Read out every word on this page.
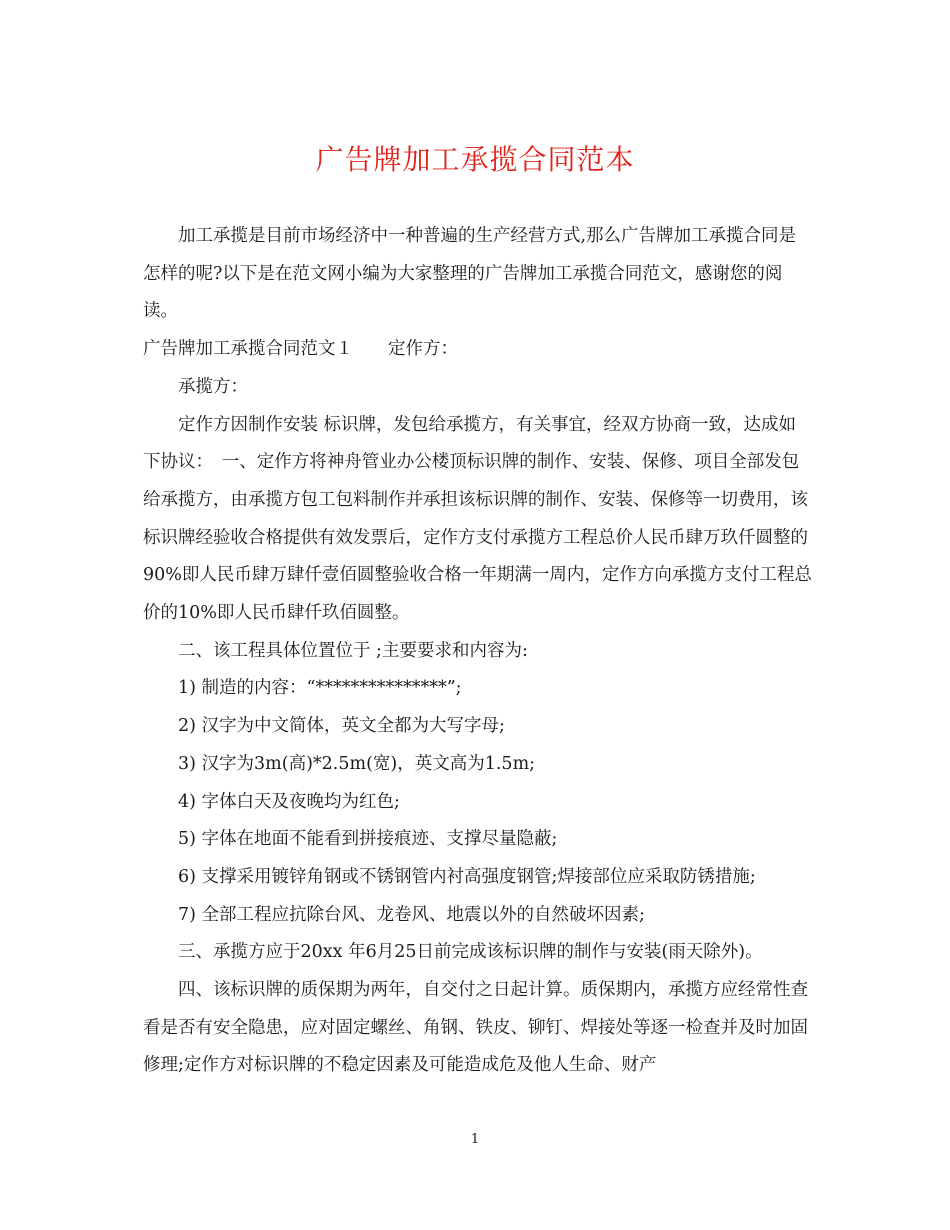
广告牌加工承揽合同范本

加工承揽是目前市场经济中一种普遍的生产经营方式,那么广告牌加工承揽合同是怎样的呢?以下是在范文网小编为大家整理的广告牌加工承揽合同范文，感谢您的阅读。

广告牌加工承揽合同范文１　　定作方：

承揽方：

定作方因制作安装 标识牌，发包给承揽方，有关事宜，经双方协商一致，达成如下协议：　一、定作方将神舟管业办公楼顶标识牌的制作、安装、保修、项目全部发包给承揽方，由承揽方包工包料制作并承担该标识牌的制作、安装、保修等一切费用，该标识牌经验收合格提供有效发票后，定作方支付承揽方工程总价人民币肆万玖仟圆整的90%即人民币肆万肆仟壹佰圆整验收合格一年期满一周内，定作方向承揽方支付工程总价的10%即人民币肆仟玖佰圆整。

二、该工程具体位置位于 ;主要要求和内容为:

1) 制造的内容：“***************”;

2) 汉字为中文简体，英文全都为大写字母;

3) 汉字为3m(高)*2.5m(宽)，英文高为1.5m;

4) 字体白天及夜晚均为红色;

5) 字体在地面不能看到拼接痕迹、支撑尽量隐蔽;

6) 支撑采用镀锌角钢或不锈钢管内衬高强度钢管;焊接部位应采取防锈措施;

7) 全部工程应抗除台风、龙卷风、地震以外的自然破坏因素;

三、承揽方应于20xx 年6月25日前完成该标识牌的制作与安装(雨天除外)。

四、该标识牌的质保期为两年，自交付之日起计算。质保期内，承揽方应经常性查看是否有安全隐患，应对固定螺丝、角钢、铁皮、铆钉、焊接处等逐一检查并及时加固修理;定作方对标识牌的不稳定因素及可能造成危及他人生命、财产

1
